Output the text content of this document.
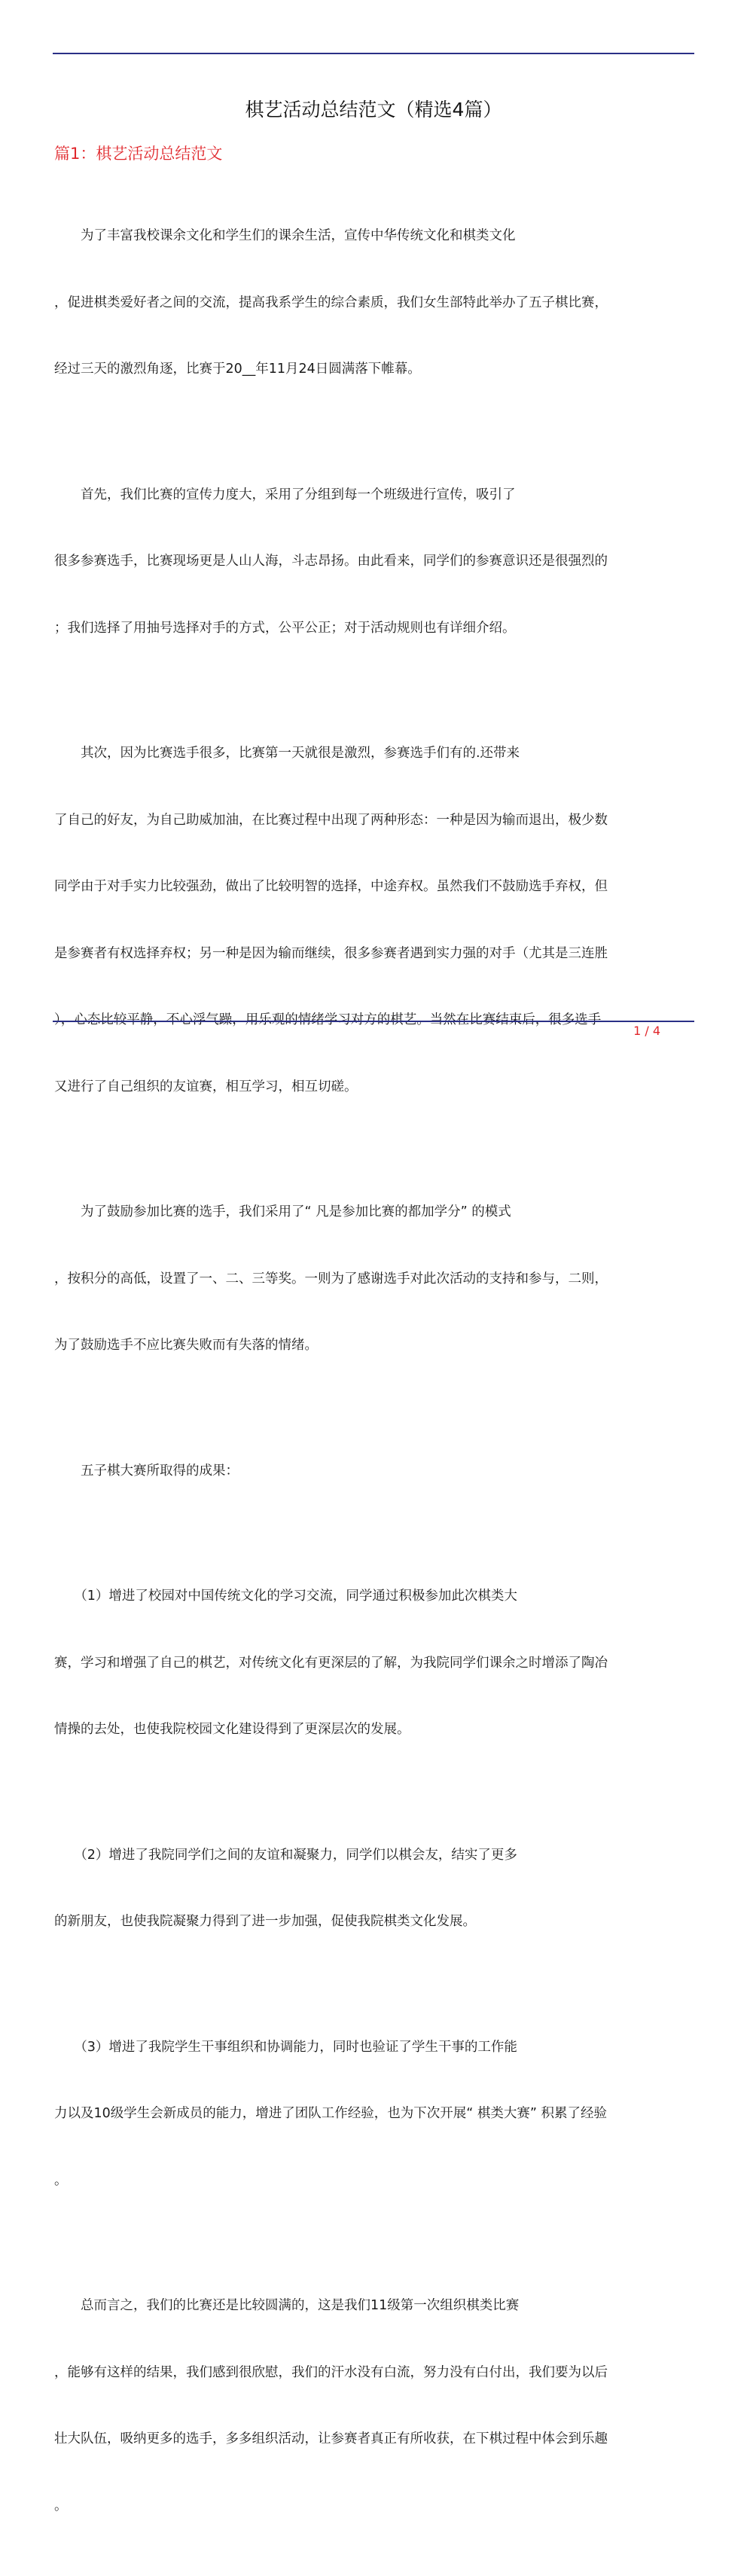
棋艺活动总结范文（精选4篇）
篇1：棋艺活动总结范文

　　为了丰富我校课余文化和学生们的课余生活，宣传中华传统文化和棋类文化

，促进棋类爱好者之间的交流，提高我系学生的综合素质，我们女生部特此举办了五子棋比赛，

经过三天的激烈角逐，比赛于20__年11月24日圆满落下帷幕。

　　首先，我们比赛的宣传力度大，采用了分组到每一个班级进行宣传，吸引了

很多参赛选手，比赛现场更是人山人海，斗志昂扬。由此看来，同学们的参赛意识还是很强烈的

；我们选择了用抽号选择对手的方式，公平公正；对于活动规则也有详细介绍。

　　其次，因为比赛选手很多，比赛第一天就很是激烈，参赛选手们有的.还带来

了自己的好友，为自己助威加油，在比赛过程中出现了两种形态：一种是因为输而退出，极少数

同学由于对手实力比较强劲，做出了比较明智的选择，中途弃权。虽然我们不鼓励选手弃权，但

是参赛者有权选择弃权；另一种是因为输而继续，很多参赛者遇到实力强的对手（尤其是三连胜

），心态比较平静，不心浮气躁，用乐观的情绪学习对方的棋艺。当然在比赛结束后，很多选手

又进行了自己组织的友谊赛，相互学习，相互切磋。

　　为了鼓励参加比赛的选手，我们采用了“ 凡是参加比赛的都加学分” 的模式

，按积分的高低，设置了一、二、三等奖。一则为了感谢选手对此次活动的支持和参与，二则，

为了鼓励选手不应比赛失败而有失落的情绪。

　　五子棋大赛所取得的成果：

　　（1）增进了校园对中国传统文化的学习交流，同学通过积极参加此次棋类大

赛，学习和增强了自己的棋艺，对传统文化有更深层的了解，为我院同学们课余之时增添了陶冶

情操的去处，也使我院校园文化建设得到了更深层次的发展。

　　（2）增进了我院同学们之间的友谊和凝聚力，同学们以棋会友，结实了更多

的新朋友，也使我院凝聚力得到了进一步加强，促使我院棋类文化发展。

　　（3）增进了我院学生干事组织和协调能力，同时也验证了学生干事的工作能

力以及10级学生会新成员的能力，增进了团队工作经验，也为下次开展“ 棋类大赛” 积累了经验

。

　　总而言之，我们的比赛还是比较圆满的，这是我们11级第一次组织棋类比赛

，能够有这样的结果，我们感到很欣慰，我们的汗水没有白流，努力没有白付出，我们要为以后

壮大队伍，吸纳更多的选手，多多组织活动，让参赛者真正有所收获，在下棋过程中体会到乐趣

。

1 / 4
